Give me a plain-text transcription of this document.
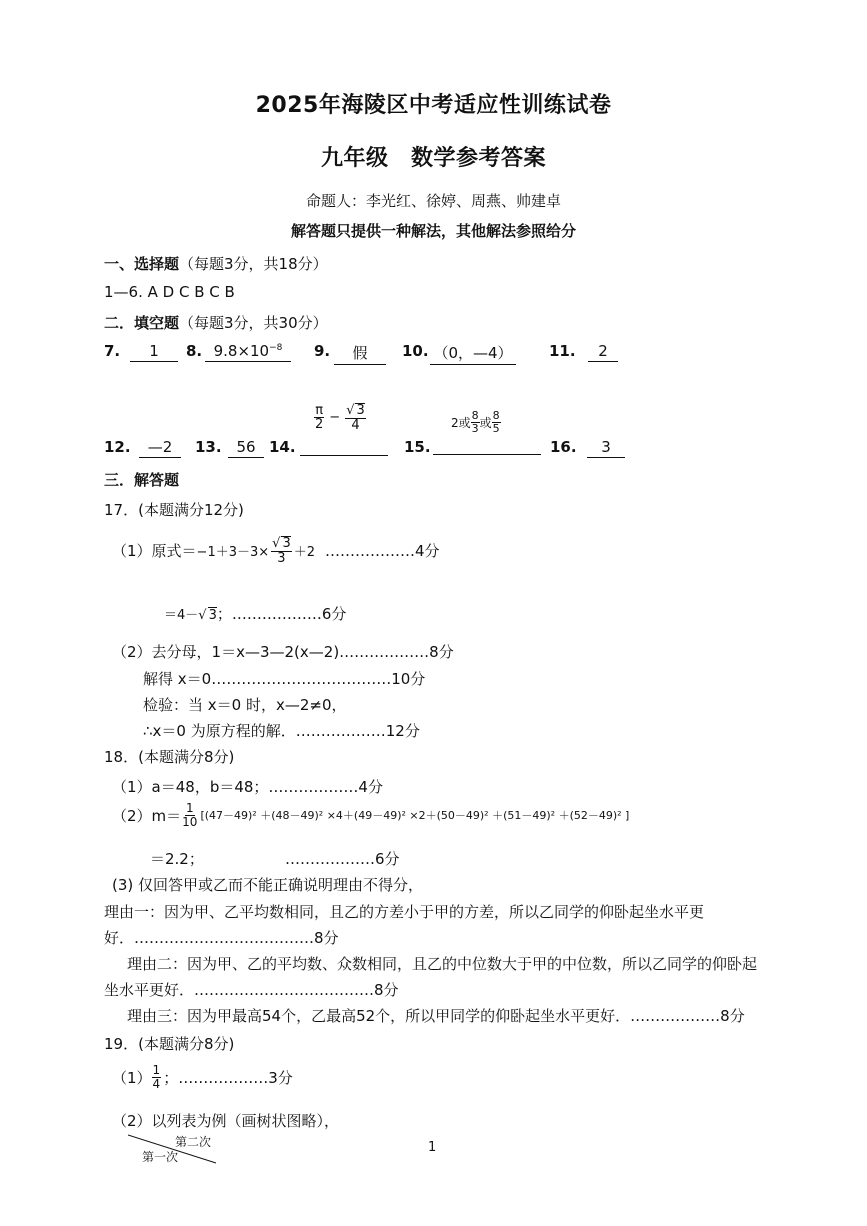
2025年海陵区中考适应性训练试卷
九年级　数学参考答案
命题人：李光红、徐婷、周燕、帅建卓
解答题只提供一种解法，其他解法参照给分
一、选择题（每题3分，共18分）
1—6. A D C B C B
二．填空题（每题3分，共30分）
7.	1	8. $9.8\times 10^{-8}$	9.	假	10. （0，—4） 11.	2
12.	—2	13. 56 14.
$\frac{\pi}{2} - \frac{√ 3}{4}$
15.
2或 $\frac{8}{3}$ 或 $\frac{8}{5}$
16.	3
三．解答题
17．(本题满分12分)
（1）原式＝ $-1+3-3\times \frac{√ 3}{3} +2$ ………………4分
＝4－√ 3；………………6分
（2）去分母，1＝x—3—2(x—2)………………8分
解得 x＝0………………………………10分
检验：当 x＝0 时，x—2≠0，
∴x＝0 为原方程的解．………………12分
18．(本题满分8分)
（1）a＝48，b＝48；………………4分
$(2)m= \frac{1}{10} [(47-49)^2 +(48-49)^2 \times 4+(49-49)^2 \times 2+(50-49)^2 +(51-49)^2 +(52-49)^2$ ]
＝2.2；	………………6分
(3) 仅回答甲或乙而不能正确说明理由不得分，
理由一：因为甲、乙平均数相同，且乙的方差小于甲的方差，所以乙同学的仰卧起坐水平更
好．………………………………8分
理由二：因为甲、乙的平均数、众数相同，且乙的中位数大于甲的中位数，所以乙同学的仰卧起
坐水平更好．………………………………8分
理由三：因为甲最高54个，乙最高52个，所以甲同学的仰卧起坐水平更好．………………8分
19．(本题满分8分)
$(1) \frac{1}{4}$ ；………………3分
（2）以列表为例（画树状图略），
第二次
第一次
1
